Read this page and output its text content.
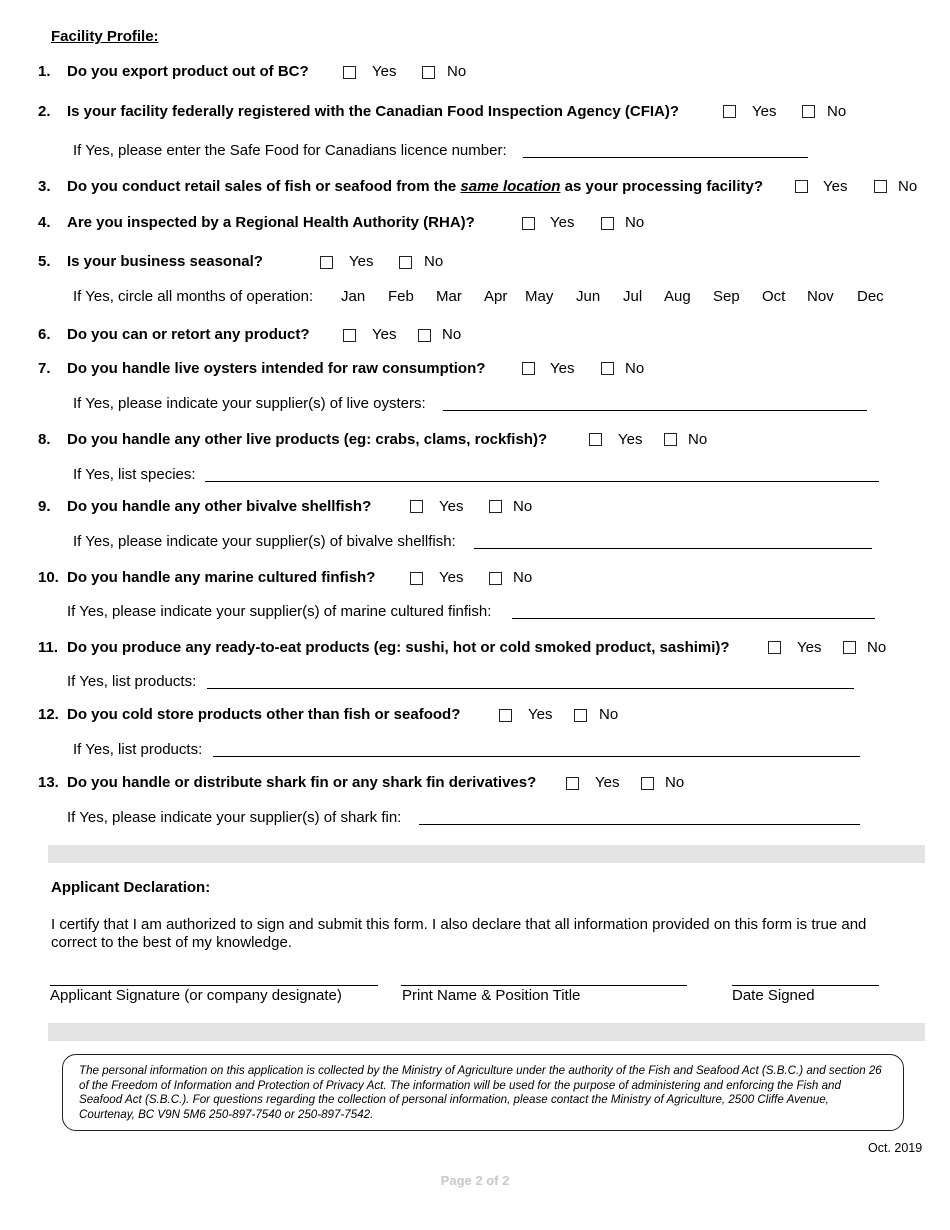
Facility Profile:
1. Do you export product out of BC?	Yes	No
2. Is your facility federally registered with the Canadian Food Inspection Agency (CFIA)?	Yes	No
If Yes, please enter the Safe Food for Canadians licence number:
3. Do you conduct retail sales of fish or seafood from the same location as your processing facility?	Yes	No
4. Are you inspected by a Regional Health Authority (RHA)?	Yes	No
5. Is your business seasonal?	Yes	No
If Yes, circle all months of operation: Jan Feb Mar Apr May Jun Jul Aug Sep Oct Nov Dec
6. Do you can or retort any product?	Yes	No
7. Do you handle live oysters intended for raw consumption?	Yes	No
If Yes, please indicate your supplier(s) of live oysters:
8. Do you handle any other live products (eg: crabs, clams, rockfish)?	Yes	No
If Yes, list species:
9. Do you handle any other bivalve shellfish?	Yes	No
If Yes, please indicate your supplier(s) of bivalve shellfish:
10. Do you handle any marine cultured finfish?	Yes	No
If Yes, please indicate your supplier(s) of marine cultured finfish:
11. Do you produce any ready-to-eat products (eg: sushi, hot or cold smoked product, sashimi)?	Yes	No
If Yes, list products:
12. Do you cold store products other than fish or seafood?	Yes	No
If Yes, list products:
13. Do you handle or distribute shark fin or any shark fin derivatives?	Yes	No
If Yes, please indicate your supplier(s) of shark fin:
Applicant Declaration:
I certify that I am authorized to sign and submit this form. I also declare that all information provided on this form is true and correct to the best of my knowledge.
Applicant Signature (or company designate)	Print Name & Position Title	Date Signed

The personal information on this application is collected by the Ministry of Agriculture under the authority of the Fish and Seafood Act (S.B.C.) and section 26 of the Freedom of Information and Protection of Privacy Act. The information will be used for the purpose of administering and enforcing the Fish and Seafood Act (S.B.C.). For questions regarding the collection of personal information, please contact the Ministry of Agriculture, 2500 Cliffe Avenue, Courtenay, BC V9N 5M6 250-897-7540 or 250-897-7542.

Oct. 2019
Page 2 of 2
